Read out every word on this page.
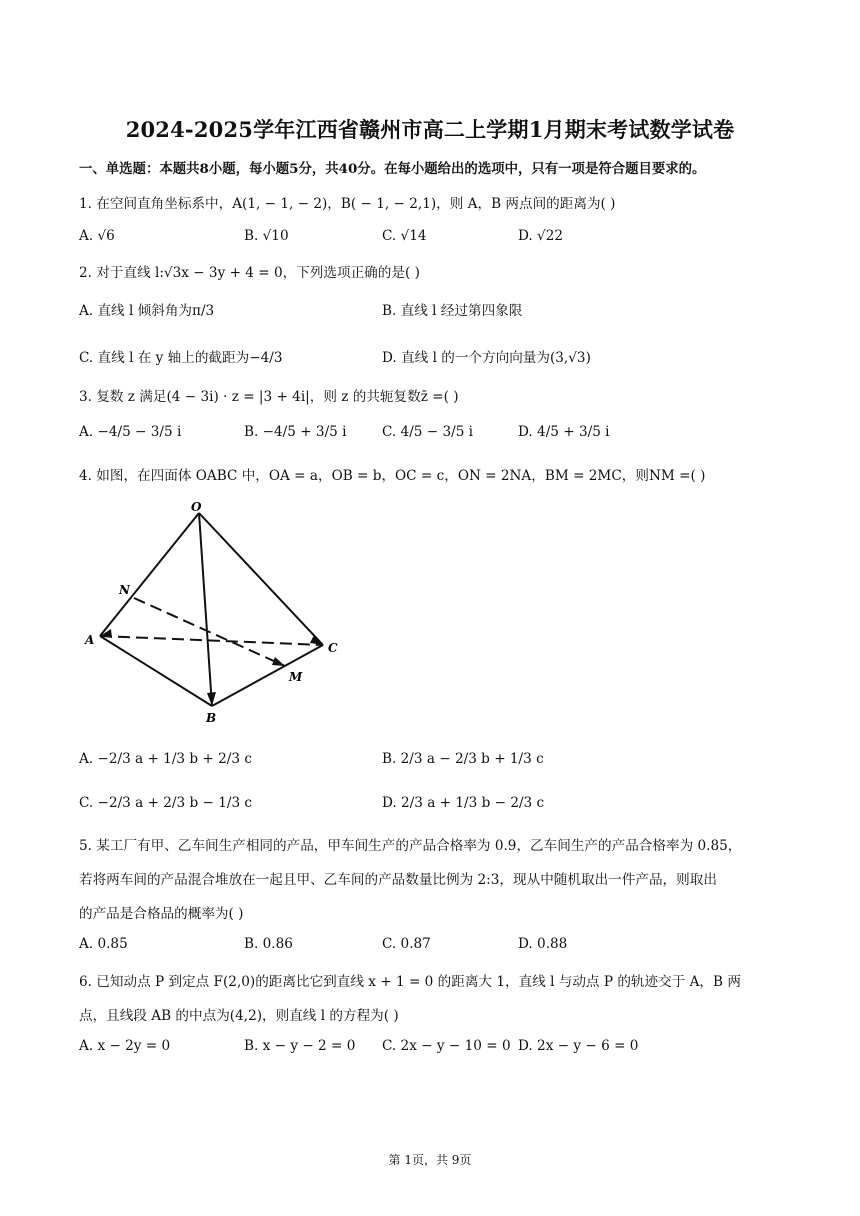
2024-2025学年江西省赣州市高二上学期1月期末考试数学试卷
一、单选题：本题共8小题，每小题5分，共40分。在每小题给出的选项中，只有一项是符合题目要求的。
1. 在空间直角坐标系中，A(1, − 1, − 2)，B( − 1, − 2,1)，则 A，B 两点间的距离为( )
A. √6	B. √10	C. √14	D. √22
2. 对于直线 l:√3x − 3y + 4 = 0，下列选项正确的是( )
A. 直线 l 倾斜角为π/3	B. 直线 l 经过第四象限
C. 直线 l 在 y 轴上的截距为−4/3	D. 直线 l 的一个方向向量为(3,√3)
3. 复数 z 满足(4 − 3i) · z = |3 + 4i|，则 z 的共轭复数z̄ =( )
A. −4/5 − 3/5 i	B. −4/5 + 3/5 i	C. 4/5 − 3/5 i	D. 4/5 + 3/5 i
4. 如图，在四面体 OABC 中，OA = a，OB = b，OC = c，ON = 2NA，BM = 2MC，则NM =( )
O
N
A
C
M
B
A. −2/3 a + 1/3 b + 2/3 c	B. 2/3 a − 2/3 b + 1/3 c
C. −2/3 a + 2/3 b − 1/3 c	D. 2/3 a + 1/3 b − 2/3 c
5. 某工厂有甲、乙车间生产相同的产品，甲车间生产的产品合格率为 0.9，乙车间生产的产品合格率为 0.85，
若将两车间的产品混合堆放在一起且甲、乙车间的产品数量比例为 2:3，现从中随机取出一件产品，则取出
的产品是合格品的概率为( )
A. 0.85	B. 0.86	C. 0.87	D. 0.88
6. 已知动点 P 到定点 F(2,0)的距离比它到直线 x + 1 = 0 的距离大 1，直线 l 与动点 P 的轨迹交于 A，B 两
点，且线段 AB 的中点为(4,2)，则直线 l 的方程为( )
A. x − 2y = 0	B. x − y − 2 = 0 C. 2x − y − 10 = 0 D. 2x − y − 6 = 0
第 1页，共 9页
